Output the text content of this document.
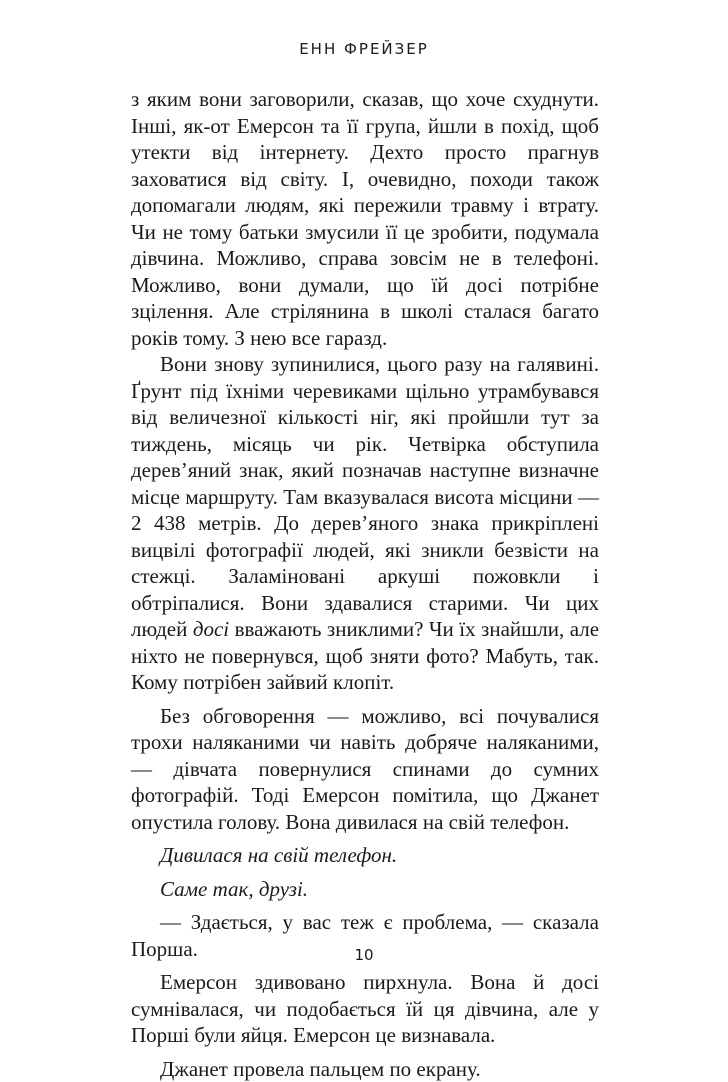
ЕНН ФРЕЙЗЕР

з яким вони заговорили, сказав, що хоче схуднути. Інші, як-от Емерсон та її група, йшли в похід, щоб утекти від інтернету. Дехто просто прагнув заховатися від світу. І, очевидно, походи також допомагали людям, які пережили травму і втрату. Чи не тому батьки змусили її це зробити, подумала дівчина. Можливо, справа зовсім не в телефоні. Можливо, вони думали, що їй досі потрібне зцілення. Але стрілянина в школі сталася багато років тому. З нею все гаразд.

Вони знову зупинилися, цього разу на галявині. Ґрунт під їхніми черевиками щільно утрамбувався від величезної кількості ніг, які пройшли тут за тиждень, місяць чи рік. Четвірка обступила дерев’яний знак, який позначав наступне визначне місце маршруту. Там вказувалася висота місцини — 2 438 метрів. До дерев’яного знака прикріплені вицвілі фотографії людей, які зникли безвісти на стежці. Заламіновані аркуші пожовкли і обтріпалися. Вони здавалися старими. Чи цих людей досі вважають зниклими? Чи їх знайшли, але ніхто не повернувся, щоб зняти фото? Мабуть, так. Кому потрібен зайвий клопіт.

Без обговорення — можливо, всі почувалися трохи наляканими чи навіть добряче наляканими, — дівчата повернулися спинами до сумних фотографій. Тоді Емерсон помітила, що Джанет опустила голову. Вона дивилася на свій телефон.

Дивилася на свій телефон.

Саме так, друзі.

— Здається, у вас теж є проблема, — сказала Порша.

Емерсон здивовано пирхнула. Вона й досі сумнівалася, чи подобається їй ця дівчина, але у Порші були яйця. Емерсон це визнавала.

Джанет провела пальцем по екрану.

10
